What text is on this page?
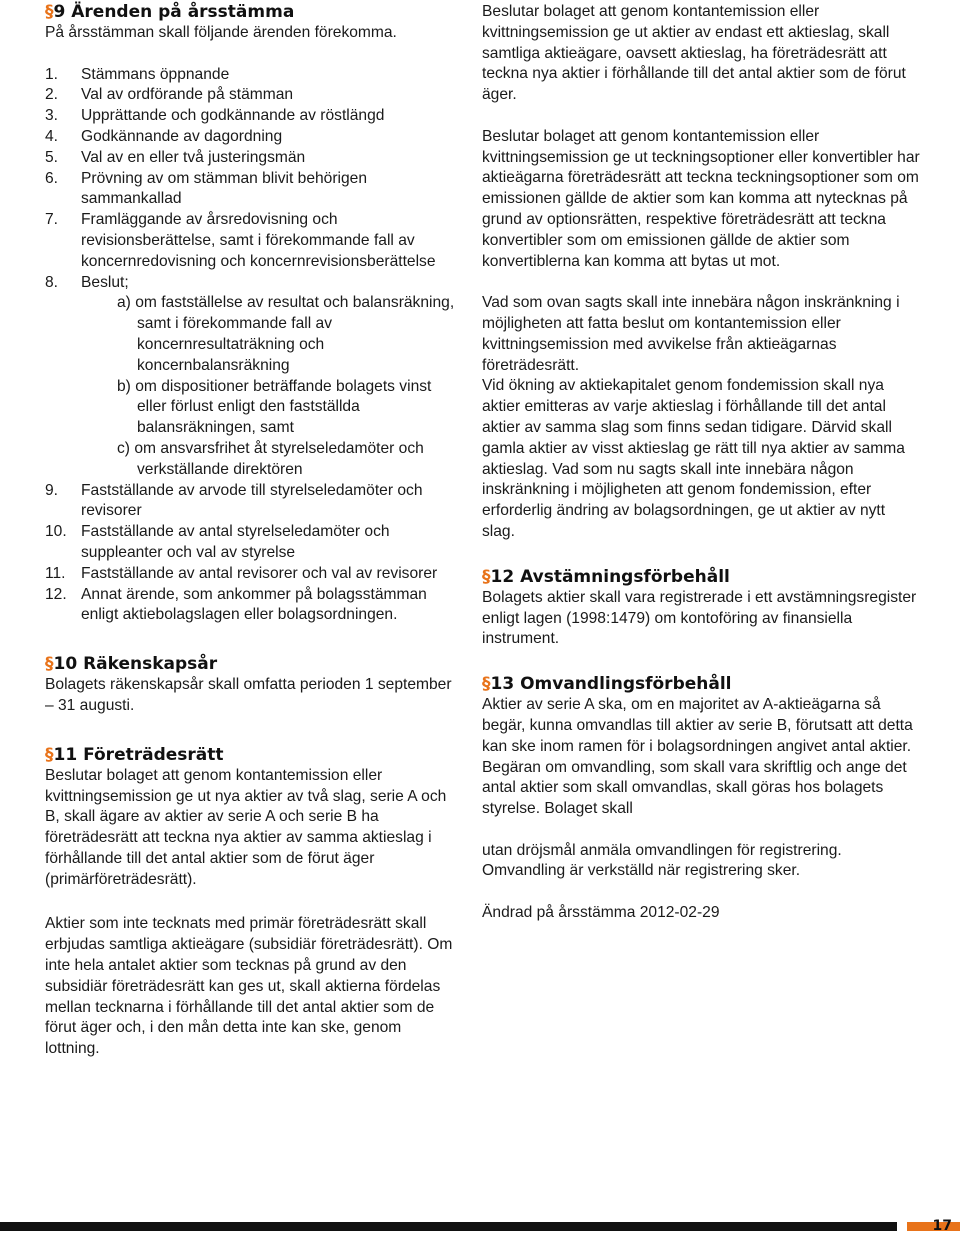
§9 Ärenden på årsstämma

På årsstämman skall följande ärenden förekomma.

1. Stämmans öppnande
2. Val av ordförande på stämman
3. Upprättande och godkännande av röstlängd
4. Godkännande av dagordning
5. Val av en eller två justeringsmän
6. Prövning av om stämman blivit behörigen sammankallad
7. Framläggande av årsredovisning och revisionsberättelse, samt i förekommande fall av koncernredovisning och koncernrevisionsberättelse
8. Beslut;
a) om fastställelse av resultat och balansräkning, samt i förekommande fall av koncernresultaträkning och koncernbalansräkning
b) om dispositioner beträffande bolagets vinst eller förlust enligt den fastställda balansräkningen, samt
c) om ansvarsfrihet åt styrelseledamöter och verkställande direktören
9. Fastställande av arvode till styrelseledamöter och revisorer
10. Fastställande av antal styrelseledamöter och suppleanter och val av styrelse
11. Fastställande av antal revisorer och val av revisorer
12. Annat ärende, som ankommer på bolagsstämman enligt aktiebolagslagen eller bolagsordningen.
§10 Räkenskapsår

Bolagets räkenskapsår skall omfatta perioden 1 september – 31 augusti.

§11 Företrädesrätt

Beslutar bolaget att genom kontantemission eller kvittningsemission ge ut nya aktier av två slag, serie A och B, skall ägare av aktier av serie A och serie B ha företrädesrätt att teckna nya aktier av samma aktieslag i förhållande till det antal aktier som de förut äger (primärföreträdesrätt).

Aktier som inte tecknats med primär företrädesrätt skall erbjudas samtliga aktieägare (subsidiär företrädesrätt). Om inte hela antalet aktier som tecknas på grund av den subsidiär företrädesrätt kan ges ut, skall aktierna fördelas mellan tecknarna i förhållande till det antal aktier som de förut äger och, i den mån detta inte kan ske, genom lottning.

Beslutar bolaget att genom kontantemission eller kvittningsemission ge ut aktier av endast ett aktieslag, skall samtliga aktieägare, oavsett aktieslag, ha företrädesrätt att teckna nya aktier i förhållande till det antal aktier som de förut äger.

Beslutar bolaget att genom kontantemission eller kvittningsemission ge ut teckningsoptioner eller konvertibler har aktieägarna företrädesrätt att teckna teckningsoptioner som om emissionen gällde de aktier som kan komma att nytecknas på grund av optionsrätten, respektive företrädesrätt att teckna konvertibler som om emissionen gällde de aktier som konvertiblerna kan komma att bytas ut mot.

Vad som ovan sagts skall inte innebära någon inskränkning i möjligheten att fatta beslut om kontantemission eller kvittningsemission med avvikelse från aktieägarnas företrädesrätt.

Vid ökning av aktiekapitalet genom fondemission skall nya aktier emitteras av varje aktieslag i förhållande till det antal aktier av samma slag som finns sedan tidigare. Därvid skall gamla aktier av visst aktieslag ge rätt till nya aktier av samma aktieslag. Vad som nu sagts skall inte innebära någon inskränkning i möjligheten att genom fondemission, efter erforderlig ändring av bolagsordningen, ge ut aktier av nytt slag.

§12 Avstämningsförbehåll

Bolagets aktier skall vara registrerade i ett avstämningsregister enligt lagen (1998:1479) om kontoföring av finansiella instrument.

§13 Omvandlingsförbehåll

Aktier av serie A ska, om en majoritet av A-aktieägarna så begär, kunna omvandlas till aktier av serie B, förutsatt att detta kan ske inom ramen för i bolagsordningen angivet antal aktier. Begäran om omvandling, som skall vara skriftlig och ange det antal aktier som skall omvandlas, skall göras hos bolagets styrelse. Bolaget skall

utan dröjsmål anmäla omvandlingen för registrering. Omvandling är verkställd när registrering sker.

Ändrad på årsstämma 2012-02-29

17
